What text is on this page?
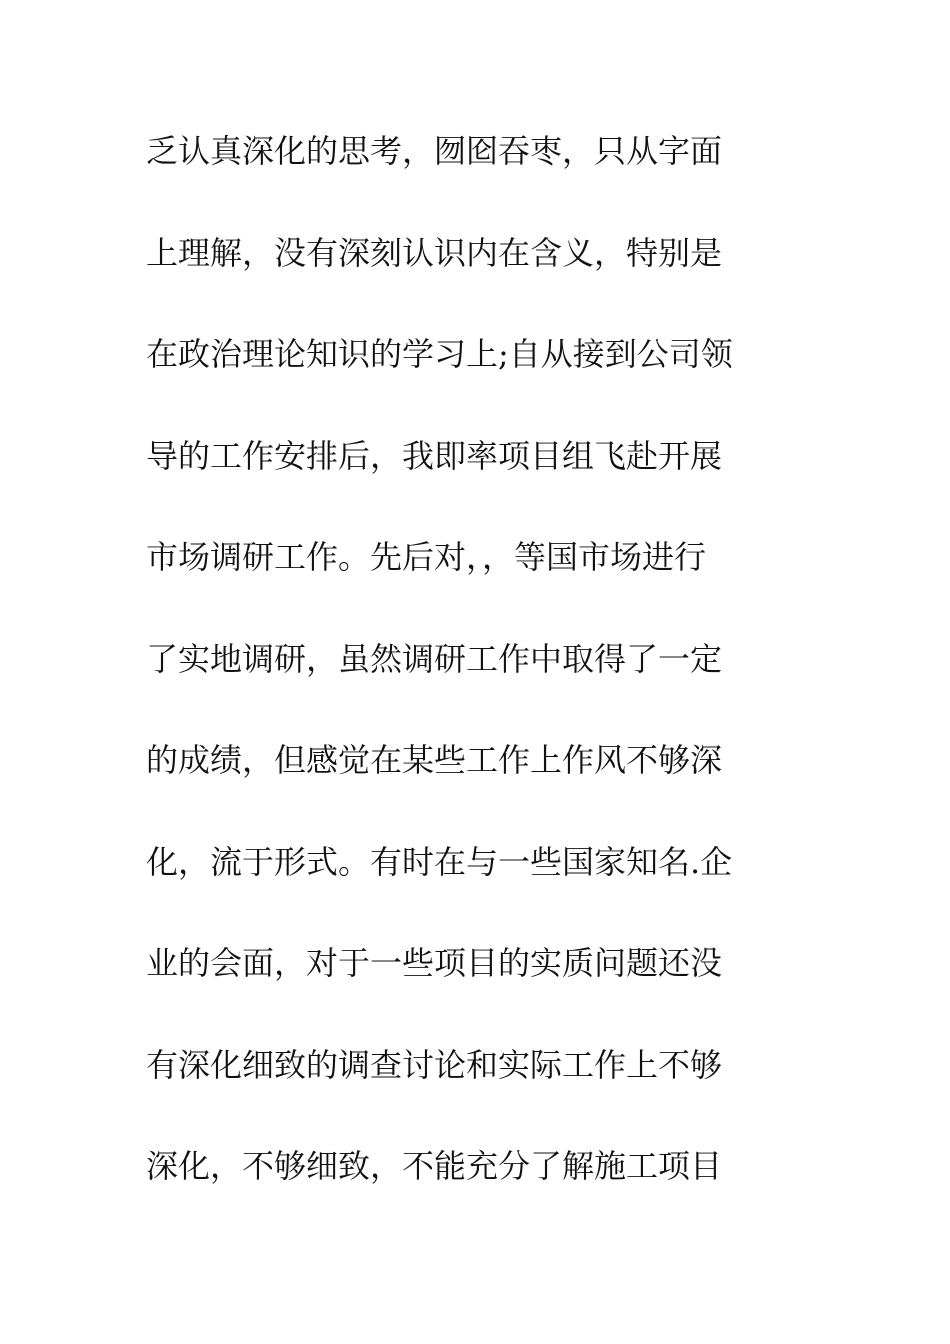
乏认真深化的思考，囫囵吞枣，只从字面
上理解，没有深刻认识内在含义，特别是
在政治理论知识的学习上;自从接到公司领
导的工作安排后，我即率项目组飞赴开展
市场调研工作。先后对，，等国市场进行
了实地调研，虽然调研工作中取得了一定
的成绩，但感觉在某些工作上作风不够深
化，流于形式。有时在与一些国家知名.企
业的会面，对于一些项目的实质问题还没
有深化细致的调查讨论和实际工作上不够
深化，不够细致，不能充分了解施工项目
